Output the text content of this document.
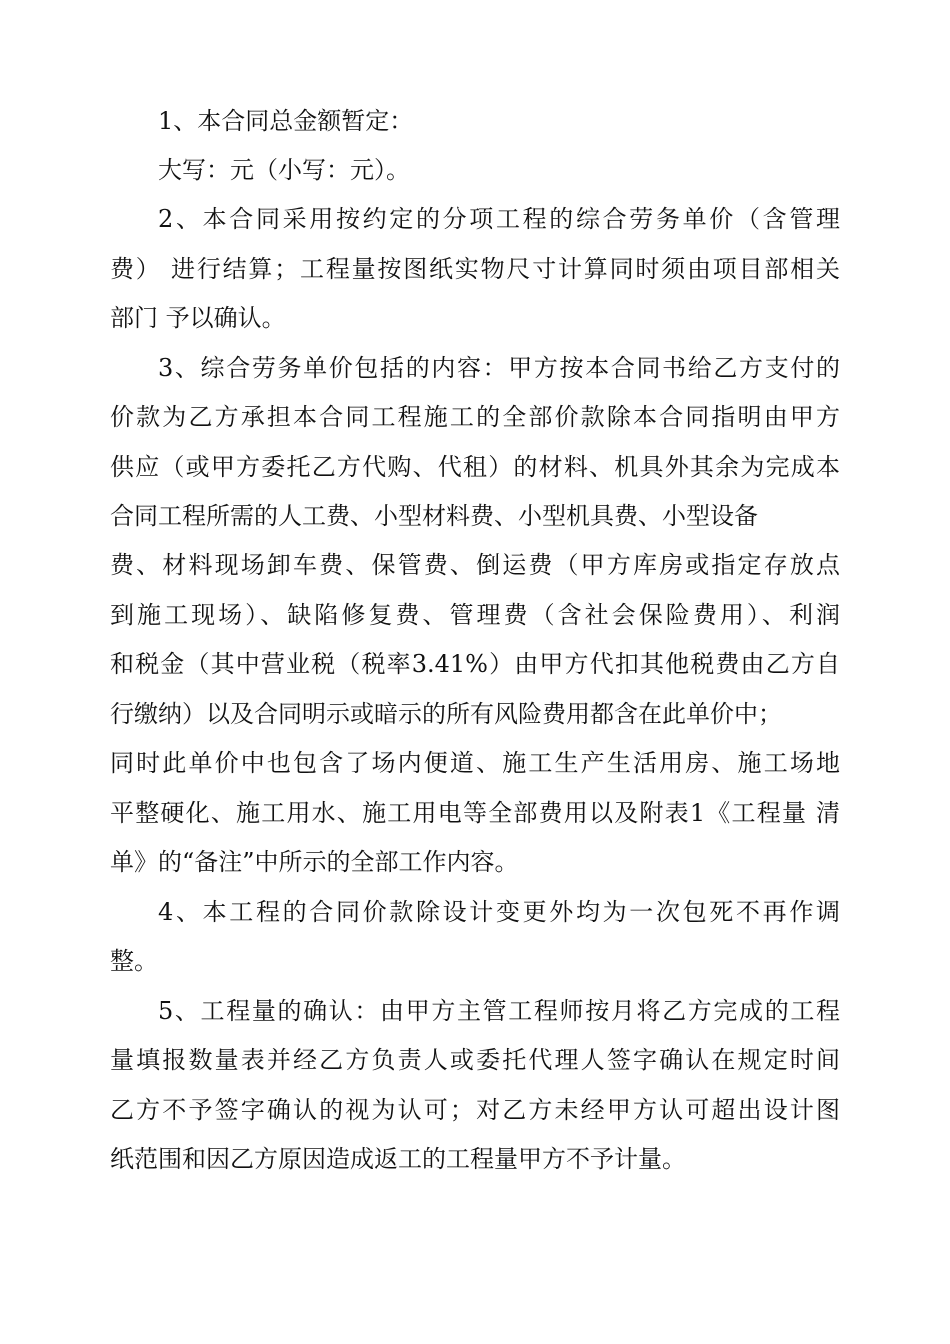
1、本合同总金额暂定：
大写：元（小写：元）。
2、本合同采用按约定的分项工程的综合劳务单价（含管理
费） 进行结算；工程量按图纸实物尺寸计算同时须由项目部相关
部门 予以确认。
3、综合劳务单价包括的内容：甲方按本合同书给乙方支付的
价款为乙方承担本合同工程施工的全部价款除本合同指明由甲方
供应（或甲方委托乙方代购、代租）的材料、机具外其余为完成本
合同工程所需的人工费、小型材料费、小型机具费、小型设备
费、材料现场卸车费、保管费、倒运费（甲方库房或指定存放点
到施工现场）、缺陷修复费、管理费（含社会保险费用）、利润
和税金（其中营业税（税率3.41%）由甲方代扣其他税费由乙方自
行缴纳）以及合同明示或暗示的所有风险费用都含在此单价中；
同时此单价中也包含了场内便道、施工生产生活用房、施工场地
平整硬化、施工用水、施工用电等全部费用以及附表1《工程量 清
单》的“备注”中所示的全部工作内容。
4、本工程的合同价款除设计变更外均为一次包死不再作调
整。
5、工程量的确认：由甲方主管工程师按月将乙方完成的工程
量填报数量表并经乙方负责人或委托代理人签字确认在规定时间
乙方不予签字确认的视为认可；对乙方未经甲方认可超出设计图
纸范围和因乙方原因造成返工的工程量甲方不予计量。
